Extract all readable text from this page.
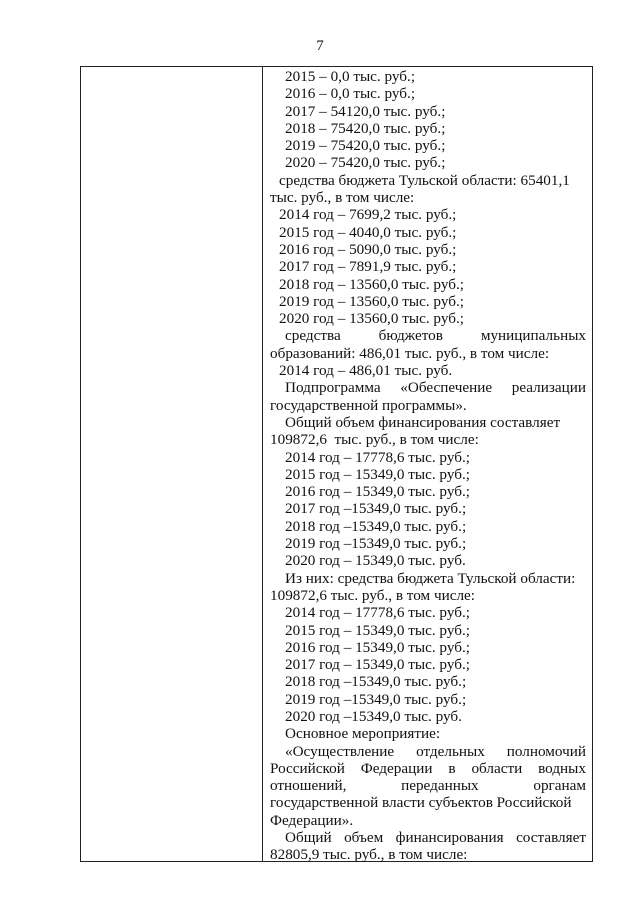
7
2015 – 0,0 тыс. руб.;
2016 – 0,0 тыс. руб.;
2017 – 54120,0 тыс. руб.;
2018 – 75420,0 тыс. руб.;
2019 – 75420,0 тыс. руб.;
2020 – 75420,0 тыс. руб.;
средства бюджета Тульской области: 65401,1
тыс. руб., в том числе:
2014 год – 7699,2 тыс. руб.;
2015 год – 4040,0 тыс. руб.;
2016 год – 5090,0 тыс. руб.;
2017 год – 7891,9 тыс. руб.;
2018 год – 13560,0 тыс. руб.;
2019 год – 13560,0 тыс. руб.;
2020 год – 13560,0 тыс. руб.;
средства бюджетов муниципальных
образований: 486,01 тыс. руб., в том числе:
2014 год – 486,01 тыс. руб.
Подпрограмма «Обеспечение реализации
государственной программы».
Общий объем финансирования составляет
109872,6  тыс. руб., в том числе:
2014 год – 17778,6 тыс. руб.;
2015 год – 15349,0 тыс. руб.;
2016 год – 15349,0 тыс. руб.;
2017 год –15349,0 тыс. руб.;
2018 год –15349,0 тыс. руб.;
2019 год –15349,0 тыс. руб.;
2020 год – 15349,0 тыс. руб.
Из них: средства бюджета Тульской области:
109872,6 тыс. руб., в том числе:
2014 год – 17778,6 тыс. руб.;
2015 год – 15349,0 тыс. руб.;
2016 год – 15349,0 тыс. руб.;
2017 год – 15349,0 тыс. руб.;
2018 год –15349,0 тыс. руб.;
2019 год –15349,0 тыс. руб.;
2020 год –15349,0 тыс. руб.
Основное мероприятие:
«Осуществление отдельных полномочий
Российской Федерации в области водных
отношений,	переданных	органам
государственной власти субъектов Российской
Федерации».
Общий объем финансирования составляет
82805,9 тыс. руб., в том числе:
